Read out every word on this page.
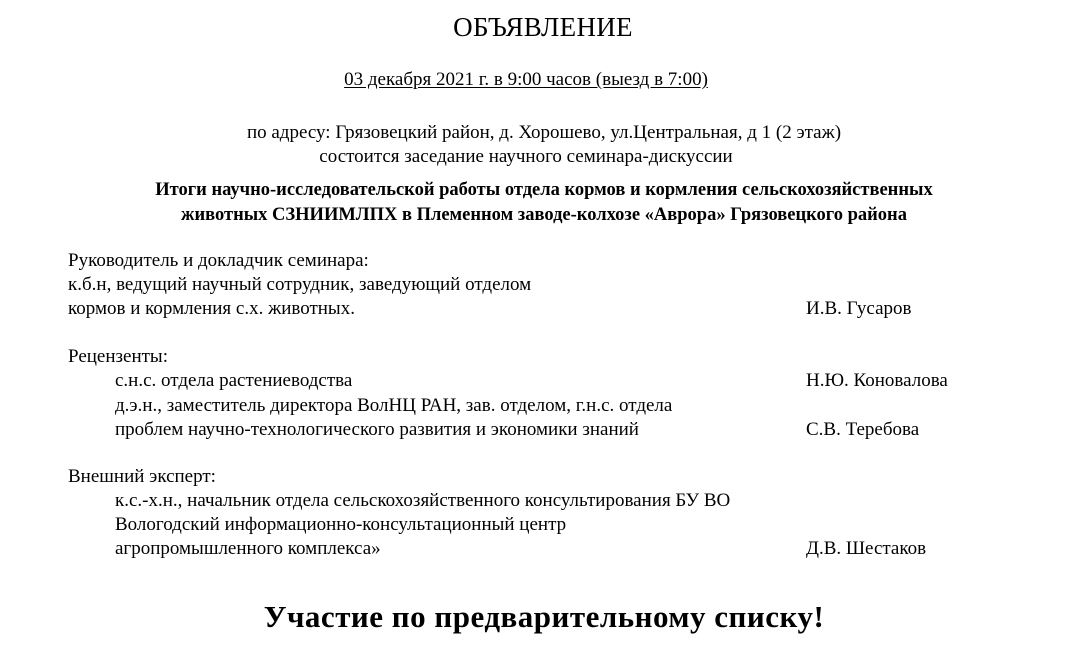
ОБЪЯВЛЕНИЕ
03 декабря 2021 г. в 9:00 часов (выезд в 7:00)
по адресу: Грязовецкий район, д. Хорошево, ул.Центральная, д 1 (2 этаж)
состоится заседание научного семинара-дискуссии
Итоги научно-исследовательской работы отдела кормов и кормления сельскохозяйственных
животных СЗНИИМЛПХ в Племенном заводе-колхозе «Аврора» Грязовецкого района
Руководитель и докладчик семинара:
к.б.н, ведущий научный сотрудник, заведующий отделом
кормов и кормления с.х. животных.	И.В. Гусаров
Рецензенты:
с.н.с. отдела растениеводства	Н.Ю. Коновалова
д.э.н., заместитель директора ВолНЦ РАН, зав. отделом, г.н.с. отдела
проблем научно-технологического развития и экономики знаний	С.В. Теребова
Внешний эксперт:
к.с.-х.н., начальник отдела сельскохозяйственного консультирования БУ ВО
Вологодский информационно-консультационный центр
агропромышленного комплекса»	Д.В. Шестаков
Участие по предварительному списку!
